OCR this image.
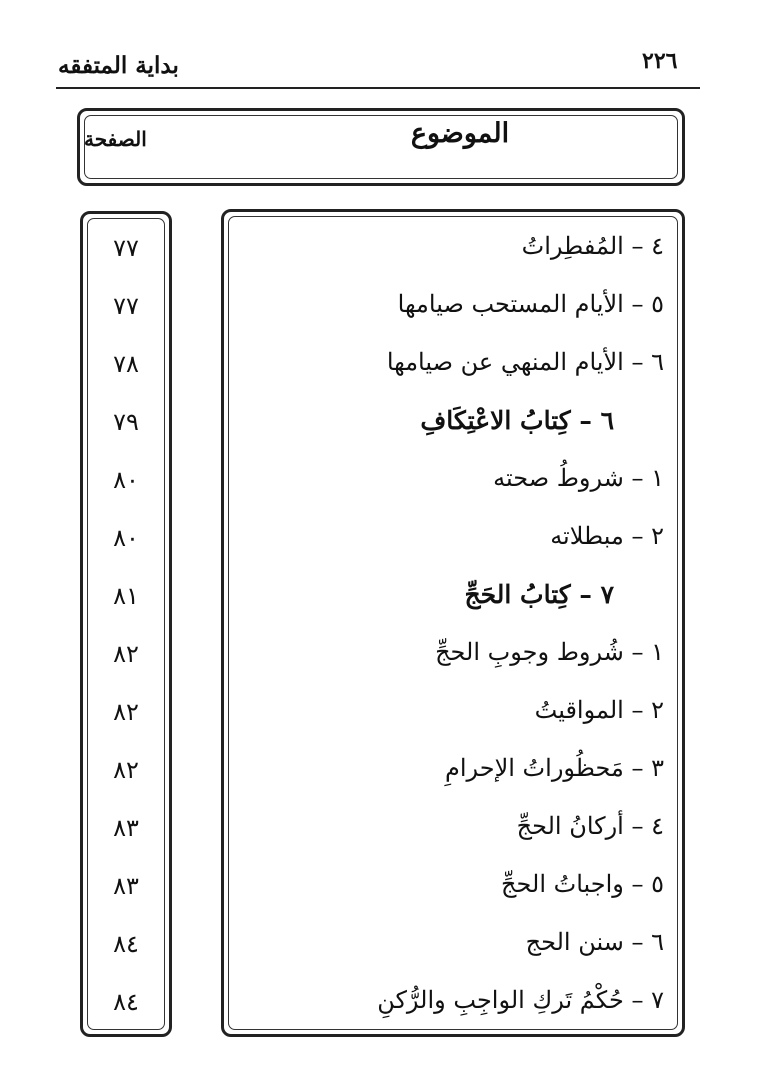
٢٢٦
بداية المتفقه
الموضوع
الصفحة
٤ – المُفطِراتُ
٧٧
٥ – الأيام المستحب صيامها
٧٧
٦ – الأيام المنهي عن صيامها
٧٨
٦ – كِتابُ الاعْتِكَافِ
٧٩
١ – شروطُ صحته
٨٠
٢ – مبطلاته
٨٠
٧ – كِتابُ الحَجِّ
٨١
١ – شُروط وجوبِ الحجِّ
٨٢
٢ – المواقيتُ
٨٢
٣ – مَحظُوراتُ الإحرامِ
٨٢
٤ – أركانُ الحجِّ
٨٣
٥ – واجباتُ الحجِّ
٨٣
٦ – سنن الحج
٨٤
٧ – حُكْمُ تَركِ الواجِبِ والرُّكنِ
٨٤
